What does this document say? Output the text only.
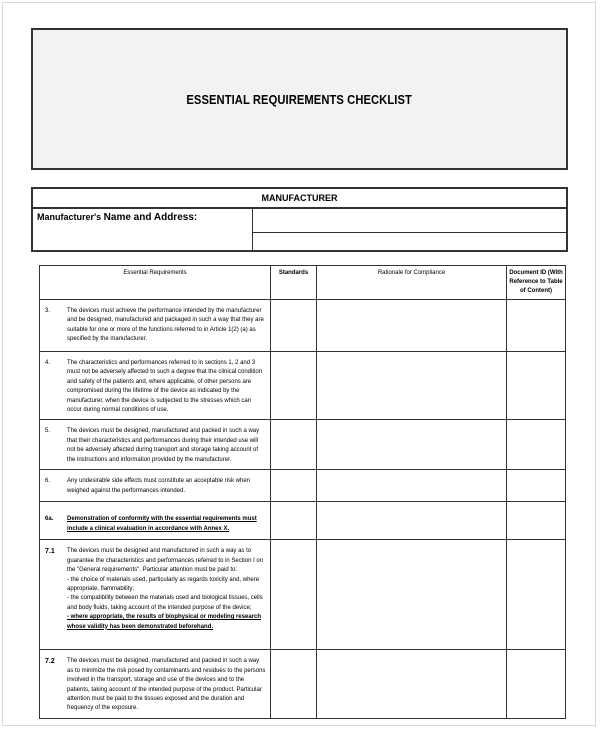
ESSENTIAL REQUIREMENTS CHECKLIST
MANUFACTURER
Manufacturer's Name and Address:
Essential Requirements	Standards	Rationale for Compliance	Document ID (With Reference to Table of Content)

3. The devices must achieve the performance intended by the manufacturer and be designed, manufactured and packaged in such a way that they are suitable for one or more of the functions referred to in Article 1(2) (a) as specified by the manufacturer.			

4. The characteristics and performances referred to in sections 1, 2 and 3 must not be adversely affected to such a degree that the clinical condition and safety of the patients and, where applicable, of other persons are compromised during the lifetime of the device as indicated by the manufacturer, when the device is subjected to the stresses which can occur during normal conditions of use.			

5. The devices must be designed, manufactured and packed in such a way that their characteristics and performances during their intended use will not be adversely affected during transport and storage taking account of the instructions and information provided by the manufacturer.			

6. Any undesirable side effects must constitute an acceptable risk when weighed against the performances intended.			

6a. Demonstration of conformity with the essential requirements must include a clinical evaluation in accordance with Annex X.			

7.1 The devices must be designed and manufactured in such a way as to guarantee the characteristics and performances referred to in Section I on the "General requirements". Particular attention must be paid to:

- the choice of materials used, particularly as regards toxicity and, where appropriate, flammability;

- the compatibility between the materials used and biological tissues, cells and body fluids, taking account of the intended purpose of the device;

- where appropriate, the results of biophysical or modeling research whose validity has been demonstrated beforehand.			

7.2 The devices must be designed, manufactured and packed in such a way as to minimize the risk posed by contaminants and residues to the persons involved in the transport, storage and use of the devices and to the patients, taking account of the intended purpose of the product. Particular attention must be paid to the tissues exposed and the duration and frequency of the exposure.			
